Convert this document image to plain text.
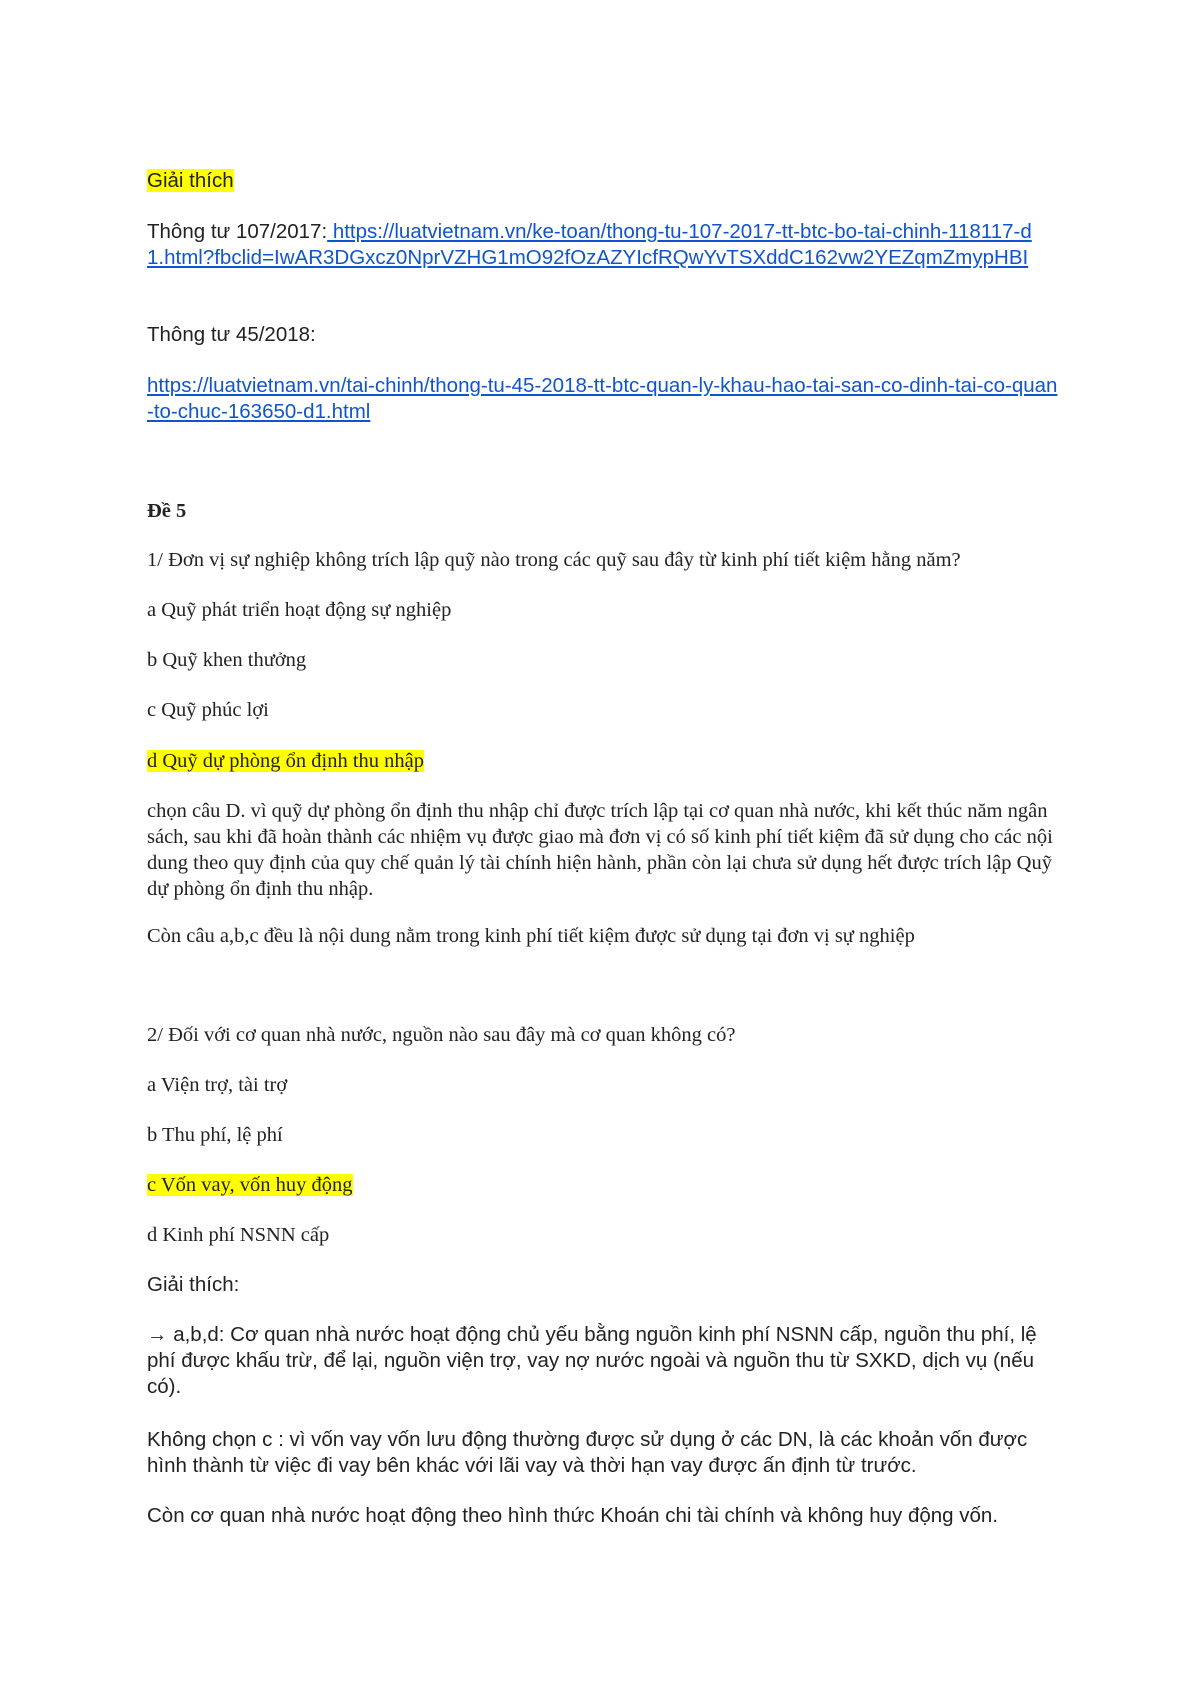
Giải thích

Thông tư 107/2017: https://luatvietnam.vn/ke-toan/thong-tu-107-2017-tt-btc-bo-tai-chinh-118117-d1.html?fbclid=IwAR3DGxcz0NprVZHG1mO92fOzAZYIcfRQwYvTSXddC162vw2YEZqmZmypHBI

Thông tư 45/2018:

https://luatvietnam.vn/tai-chinh/thong-tu-45-2018-tt-btc-quan-ly-khau-hao-tai-san-co-dinh-tai-co-quan-to-chuc-163650-d1.html

Đề 5

1/ Đơn vị sự nghiệp không trích lập quỹ nào trong các quỹ sau đây từ kinh phí tiết kiệm hằng năm?

a Quỹ phát triển hoạt động sự nghiệp

b Quỹ khen thưởng

c Quỹ phúc lợi

d Quỹ dự phòng ổn định thu nhập

chọn câu D. vì quỹ dự phòng ổn định thu nhập chỉ được trích lập tại cơ quan nhà nước, khi kết thúc năm ngân sách, sau khi đã hoàn thành các nhiệm vụ được giao mà đơn vị có số kinh phí tiết kiệm đã sử dụng cho các nội dung theo quy định của quy chế quản lý tài chính hiện hành, phần còn lại chưa sử dụng hết được trích lập Quỹ dự phòng ổn định thu nhập.

Còn câu a,b,c đều là nội dung nằm trong kinh phí tiết kiệm được sử dụng tại đơn vị sự nghiệp

2/ Đối với cơ quan nhà nước, nguồn nào sau đây mà cơ quan không có?

a Viện trợ, tài trợ

b Thu phí, lệ phí

c Vốn vay, vốn huy động

d Kinh phí NSNN cấp

Giải thích:

→ a,b,d: Cơ quan nhà nước hoạt động chủ yếu bằng nguồn kinh phí NSNN cấp, nguồn thu phí, lệ phí được khấu trừ, để lại, nguồn viện trợ, vay nợ nước ngoài và nguồn thu từ SXKD, dịch vụ (nếu có).

Không chọn c : vì vốn vay vốn lưu động thường được sử dụng ở các DN, là các khoản vốn được hình thành từ việc đi vay bên khác với lãi vay và thời hạn vay được ấn định từ trước.

Còn cơ quan nhà nước hoạt động theo hình thức Khoán chi tài chính và không huy động vốn.
